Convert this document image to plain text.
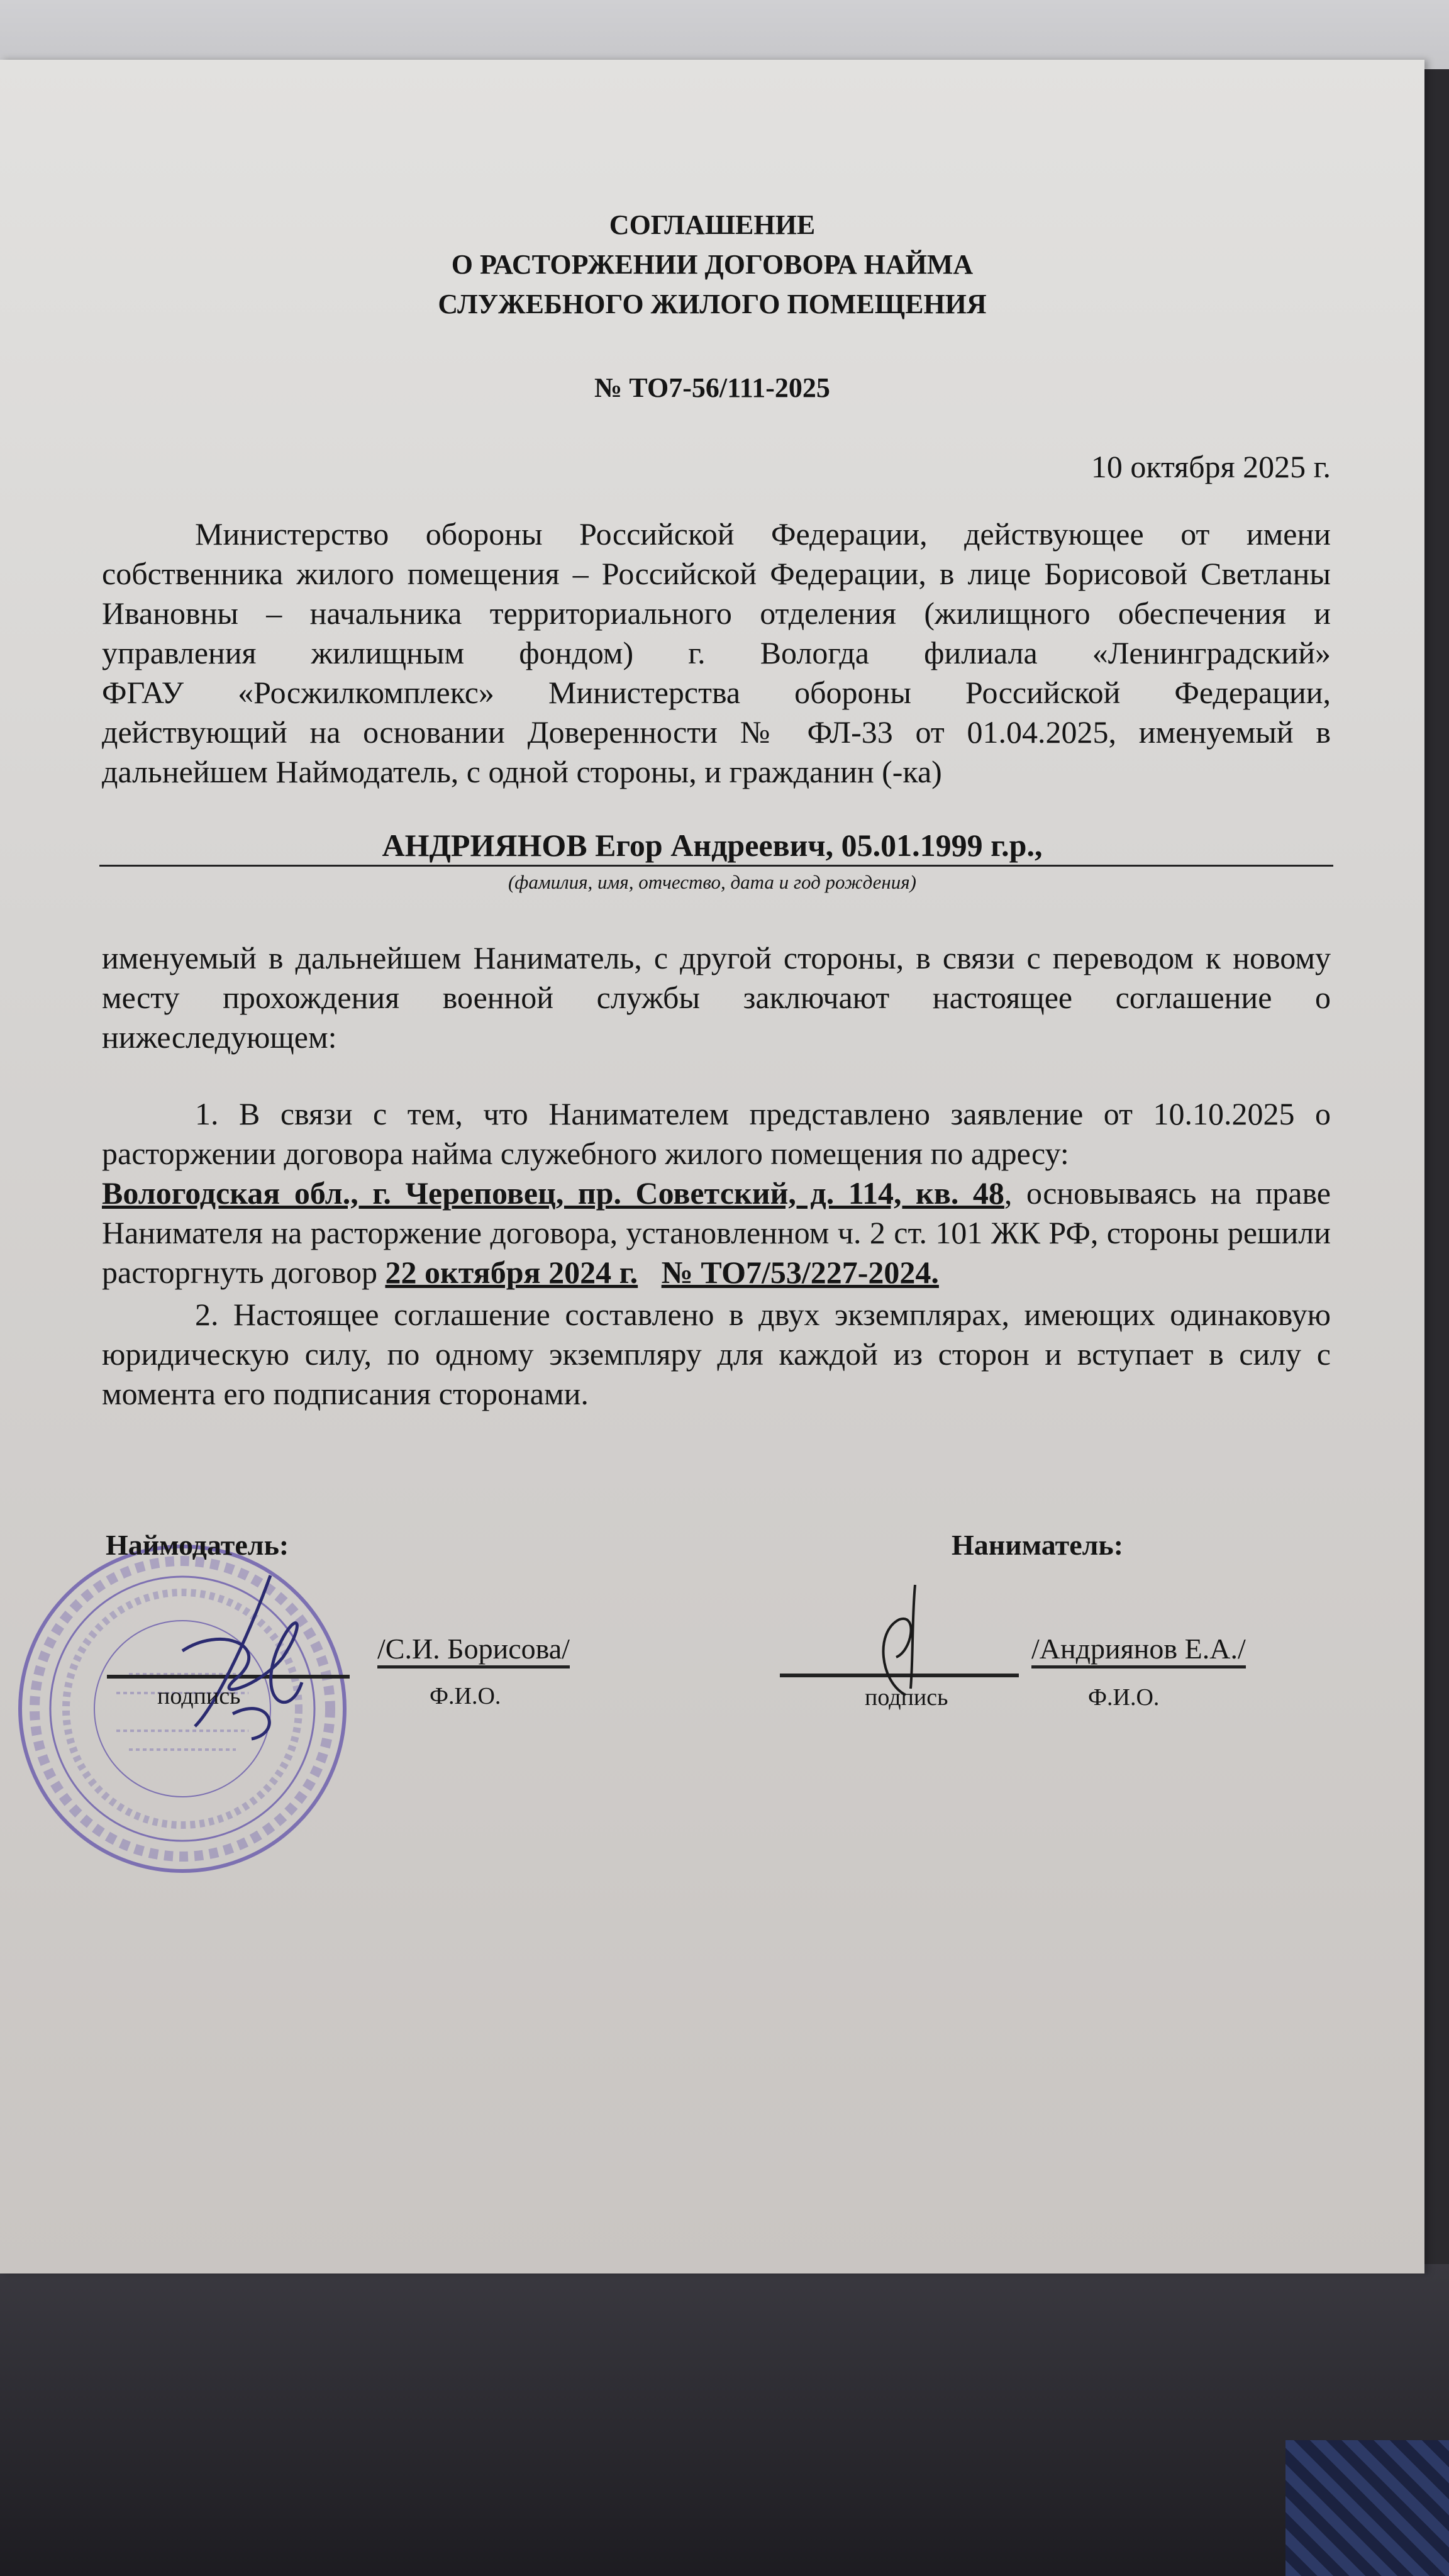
СОГЛАШЕНИЕ
О РАСТОРЖЕНИИ ДОГОВОРА НАЙМА
СЛУЖЕБНОГО ЖИЛОГО ПОМЕЩЕНИЯ
№ ТО7-56/111-2025
10 октября 2025 г.
Министерство обороны Российской Федерации, действующее от имени
собственника жилого помещения – Российской Федерации, в лице Борисовой Светланы
Ивановны – начальника территориального отделения (жилищного обеспечения и
управления жилищным фондом) г. Вологда филиала «Ленинградский»
ФГАУ «Росжилкомплекс» Министерства обороны Российской Федерации,
действующий на основании Доверенности № ФЛ-33 от 01.04.2025, именуемый в
дальнейшем Наймодатель, с одной стороны, и гражданин (-ка)
АНДРИЯНОВ Егор Андреевич, 05.01.1999 г.р.,
(фамилия, имя, отчество, дата и год рождения)
именуемый в дальнейшем Наниматель, с другой стороны, в связи с переводом к новому
месту прохождения военной службы заключают настоящее соглашение о
нижеследующем:
1. В связи с тем, что Нанимателем представлено заявление от 10.10.2025 о
расторжении договора найма служебного жилого помещения по адресу:
Вологодская обл., г. Череповец, пр. Советский, д. 114, кв. 48, основываясь на праве
Нанимателя на расторжение договора, установленном ч. 2 ст. 101 ЖК РФ, стороны решили
расторгнуть договор 22 октября 2024 г. № ТО7/53/227-2024.
2. Настоящее соглашение составлено в двух экземплярах, имеющих одинаковую
юридическую силу, по одному экземпляру для каждой из сторон и вступает в силу с
момента его подписания сторонами.
Наймодатель:	Наниматель:
/С.И. Борисова/
подпись	Ф.И.О.
/Андриянов Е.А./
подпись	Ф.И.О.
